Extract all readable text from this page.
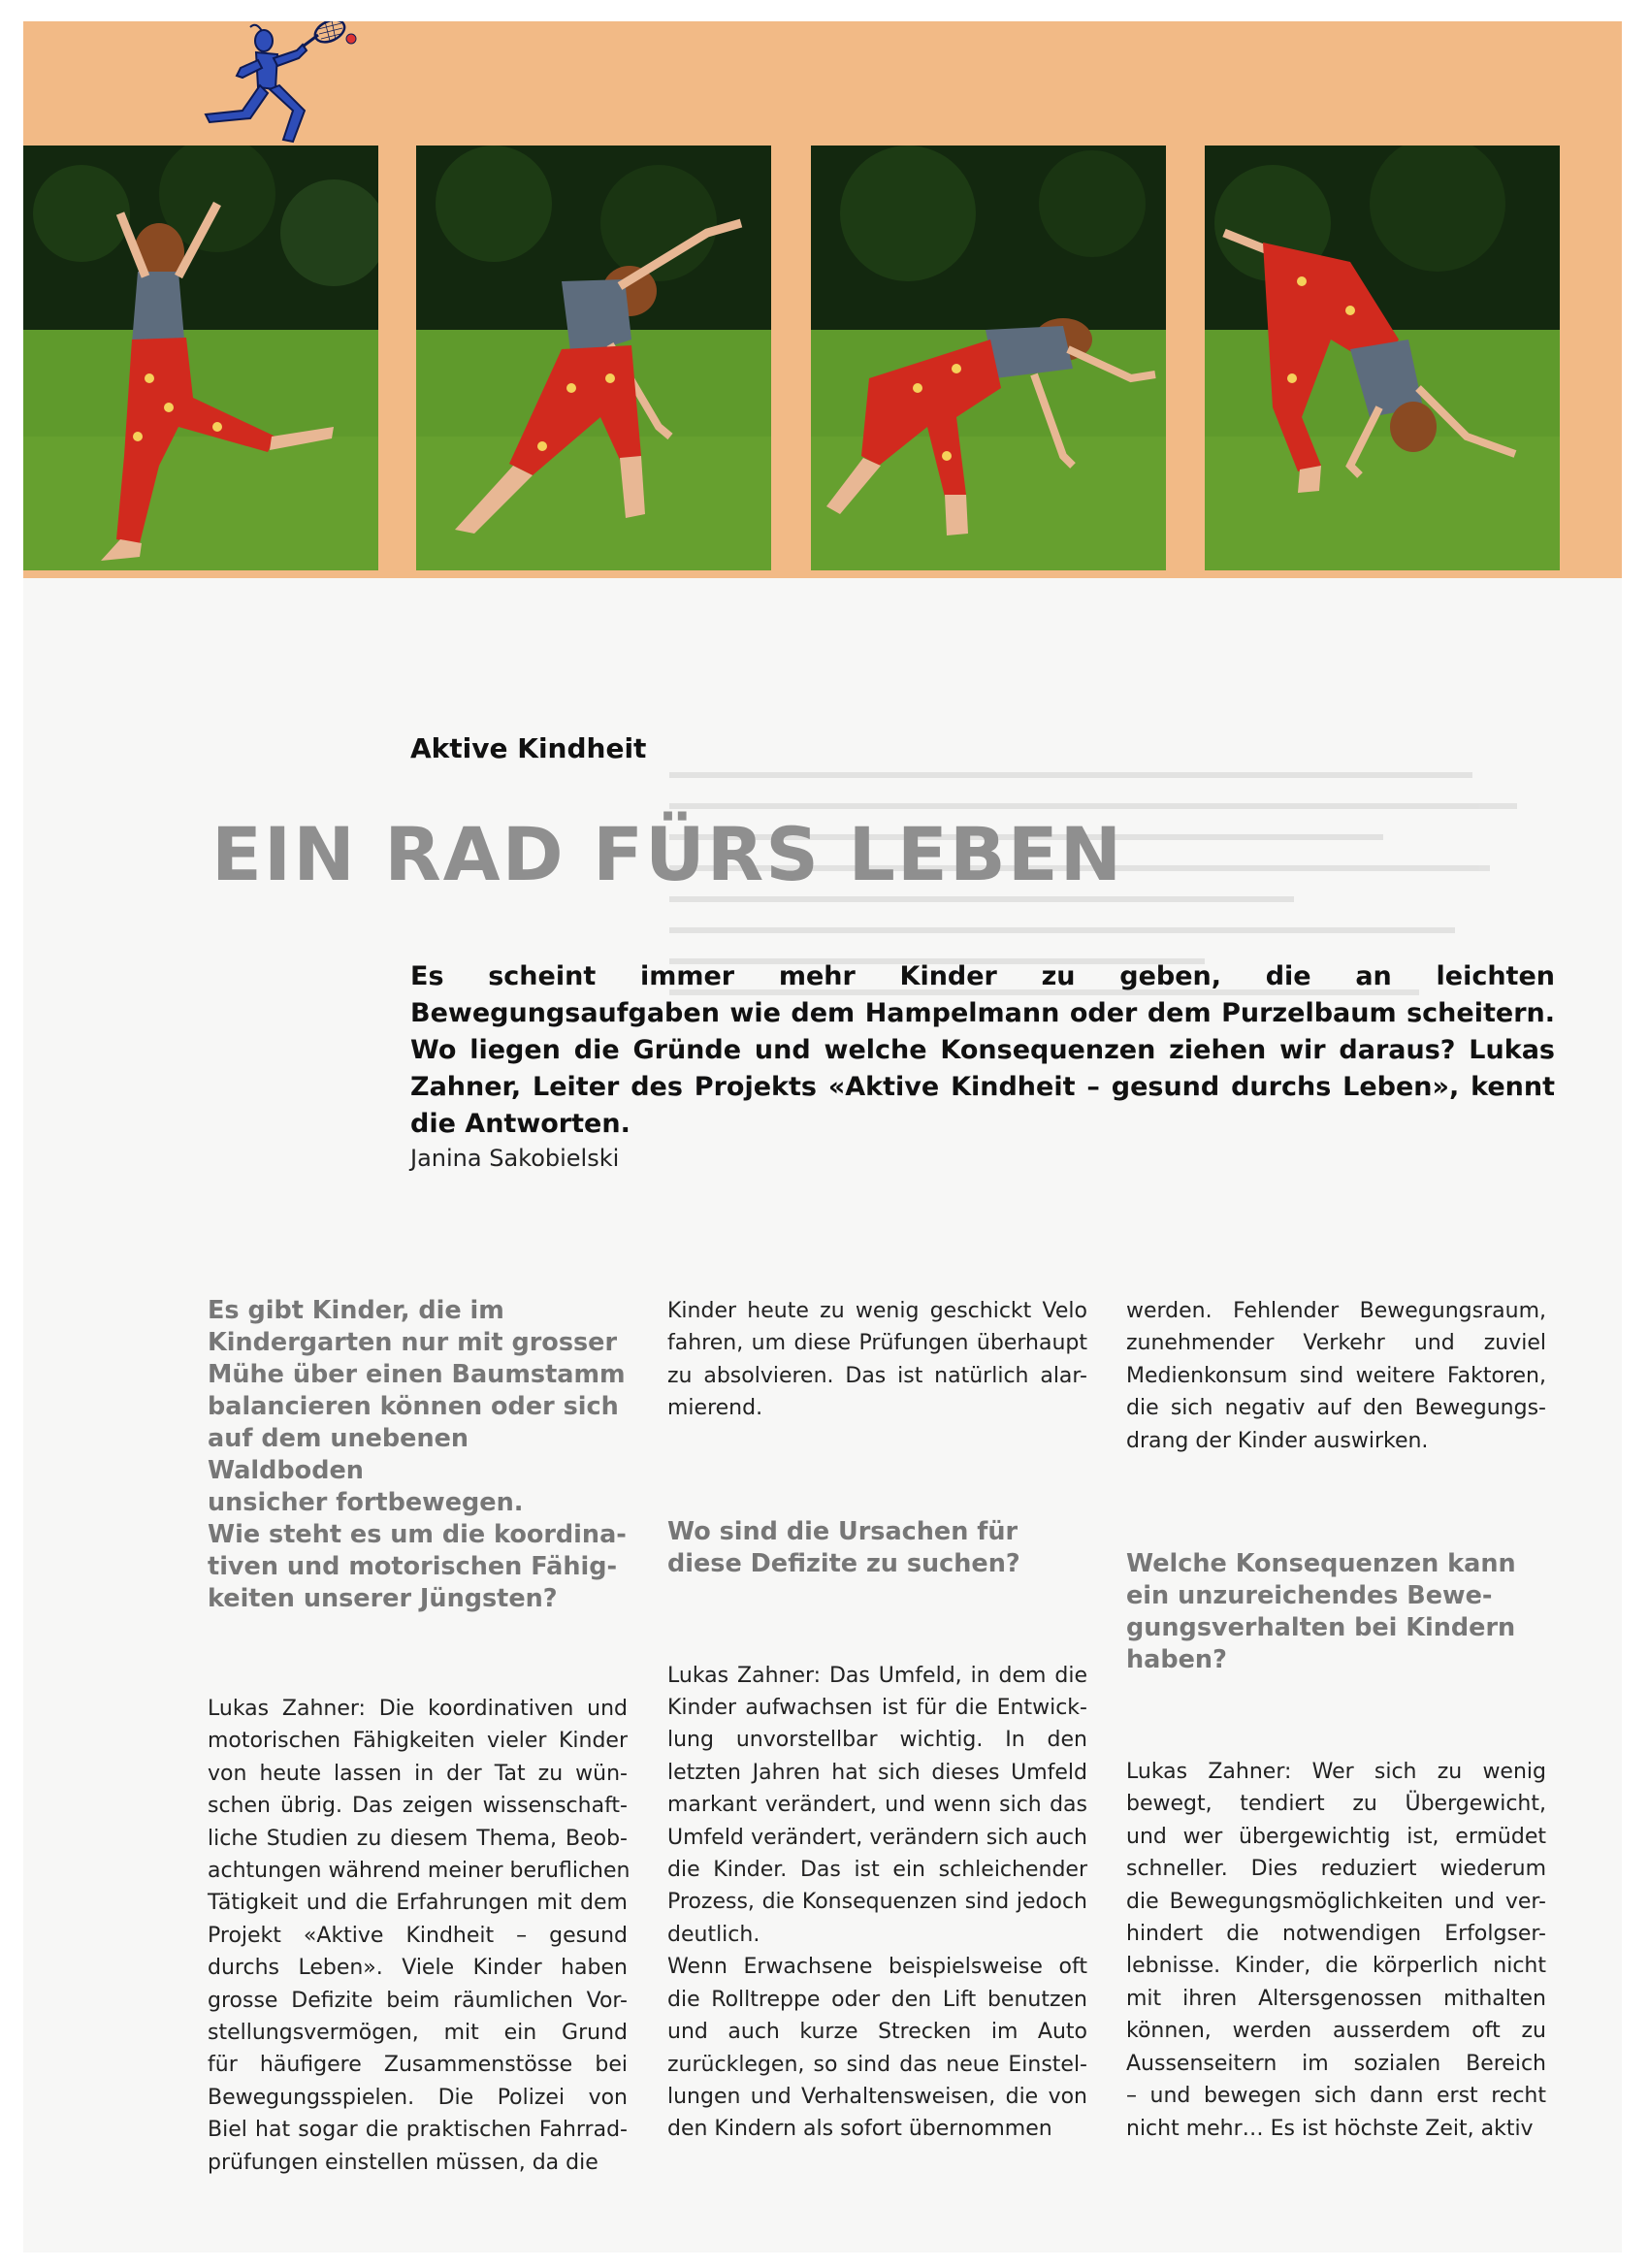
Aktive Kindheit
EIN RAD FÜRS LEBEN
Es scheint immer mehr Kinder zu geben, die an leichten Bewegungsaufgaben wie dem Hampelmann oder dem Purzelbaum scheitern. Wo liegen die Gründe und welche Konsequenzen ziehen wir daraus? Lukas Zahner, Leiter des Projekts «Aktive Kindheit – gesund durchs Leben», kennt die Antworten.
Janina Sakobielski
Es gibt Kinder, die im
Kindergarten nur mit grosser
Mühe über einen Baumstamm
balancieren können oder sich
auf dem unebenen Waldboden
unsicher fortbewegen.
Wie steht es um die koordina-
tiven und motorischen Fähig-
keiten unserer Jüngsten?
Lukas Zahner: Die koordinativen und
motorischen Fähigkeiten vieler Kinder
von heute lassen in der Tat zu wün-
schen übrig. Das zeigen wissenschaft-
liche Studien zu diesem Thema, Beob-
achtungen während meiner beruflichen
Tätigkeit und die Erfahrungen mit dem
Projekt «Aktive Kindheit – gesund
durchs Leben». Viele Kinder haben
grosse Defizite beim räumlichen Vor-
stellungsvermögen, mit ein Grund
für häufigere Zusammenstösse bei
Bewegungsspielen. Die Polizei von
Biel hat sogar die praktischen Fahrrad-
prüfungen einstellen müssen, da die
Kinder heute zu wenig geschickt Velo
fahren, um diese Prüfungen überhaupt
zu absolvieren. Das ist natürlich alar-
mierend.
Wo sind die Ursachen für
diese Defizite zu suchen?
Lukas Zahner: Das Umfeld, in dem die
Kinder aufwachsen ist für die Entwick-
lung unvorstellbar wichtig. In den
letzten Jahren hat sich dieses Umfeld
markant verändert, und wenn sich das
Umfeld verändert, verändern sich auch
die Kinder. Das ist ein schleichender
Prozess, die Konsequenzen sind jedoch
deutlich.
Wenn Erwachsene beispielsweise oft
die Rolltreppe oder den Lift benutzen
und auch kurze Strecken im Auto
zurücklegen, so sind das neue Einstel-
lungen und Verhaltensweisen, die von
den Kindern als sofort übernommen
werden. Fehlender Bewegungsraum,
zunehmender Verkehr und zuviel
Medienkonsum sind weitere Faktoren,
die sich negativ auf den Bewegungs-
drang der Kinder auswirken.
Welche Konsequenzen kann
ein unzureichendes Bewe-
gungsverhalten bei Kindern
haben?
Lukas Zahner: Wer sich zu wenig
bewegt, tendiert zu Übergewicht,
und wer übergewichtig ist, ermüdet
schneller. Dies reduziert wiederum
die Bewegungsmöglichkeiten und ver-
hindert die notwendigen Erfolgser-
lebnisse. Kinder, die körperlich nicht
mit ihren Altersgenossen mithalten
können, werden ausserdem oft zu
Aussenseitern im sozialen Bereich
– und bewegen sich dann erst recht
nicht mehr… Es ist höchste Zeit, aktiv
